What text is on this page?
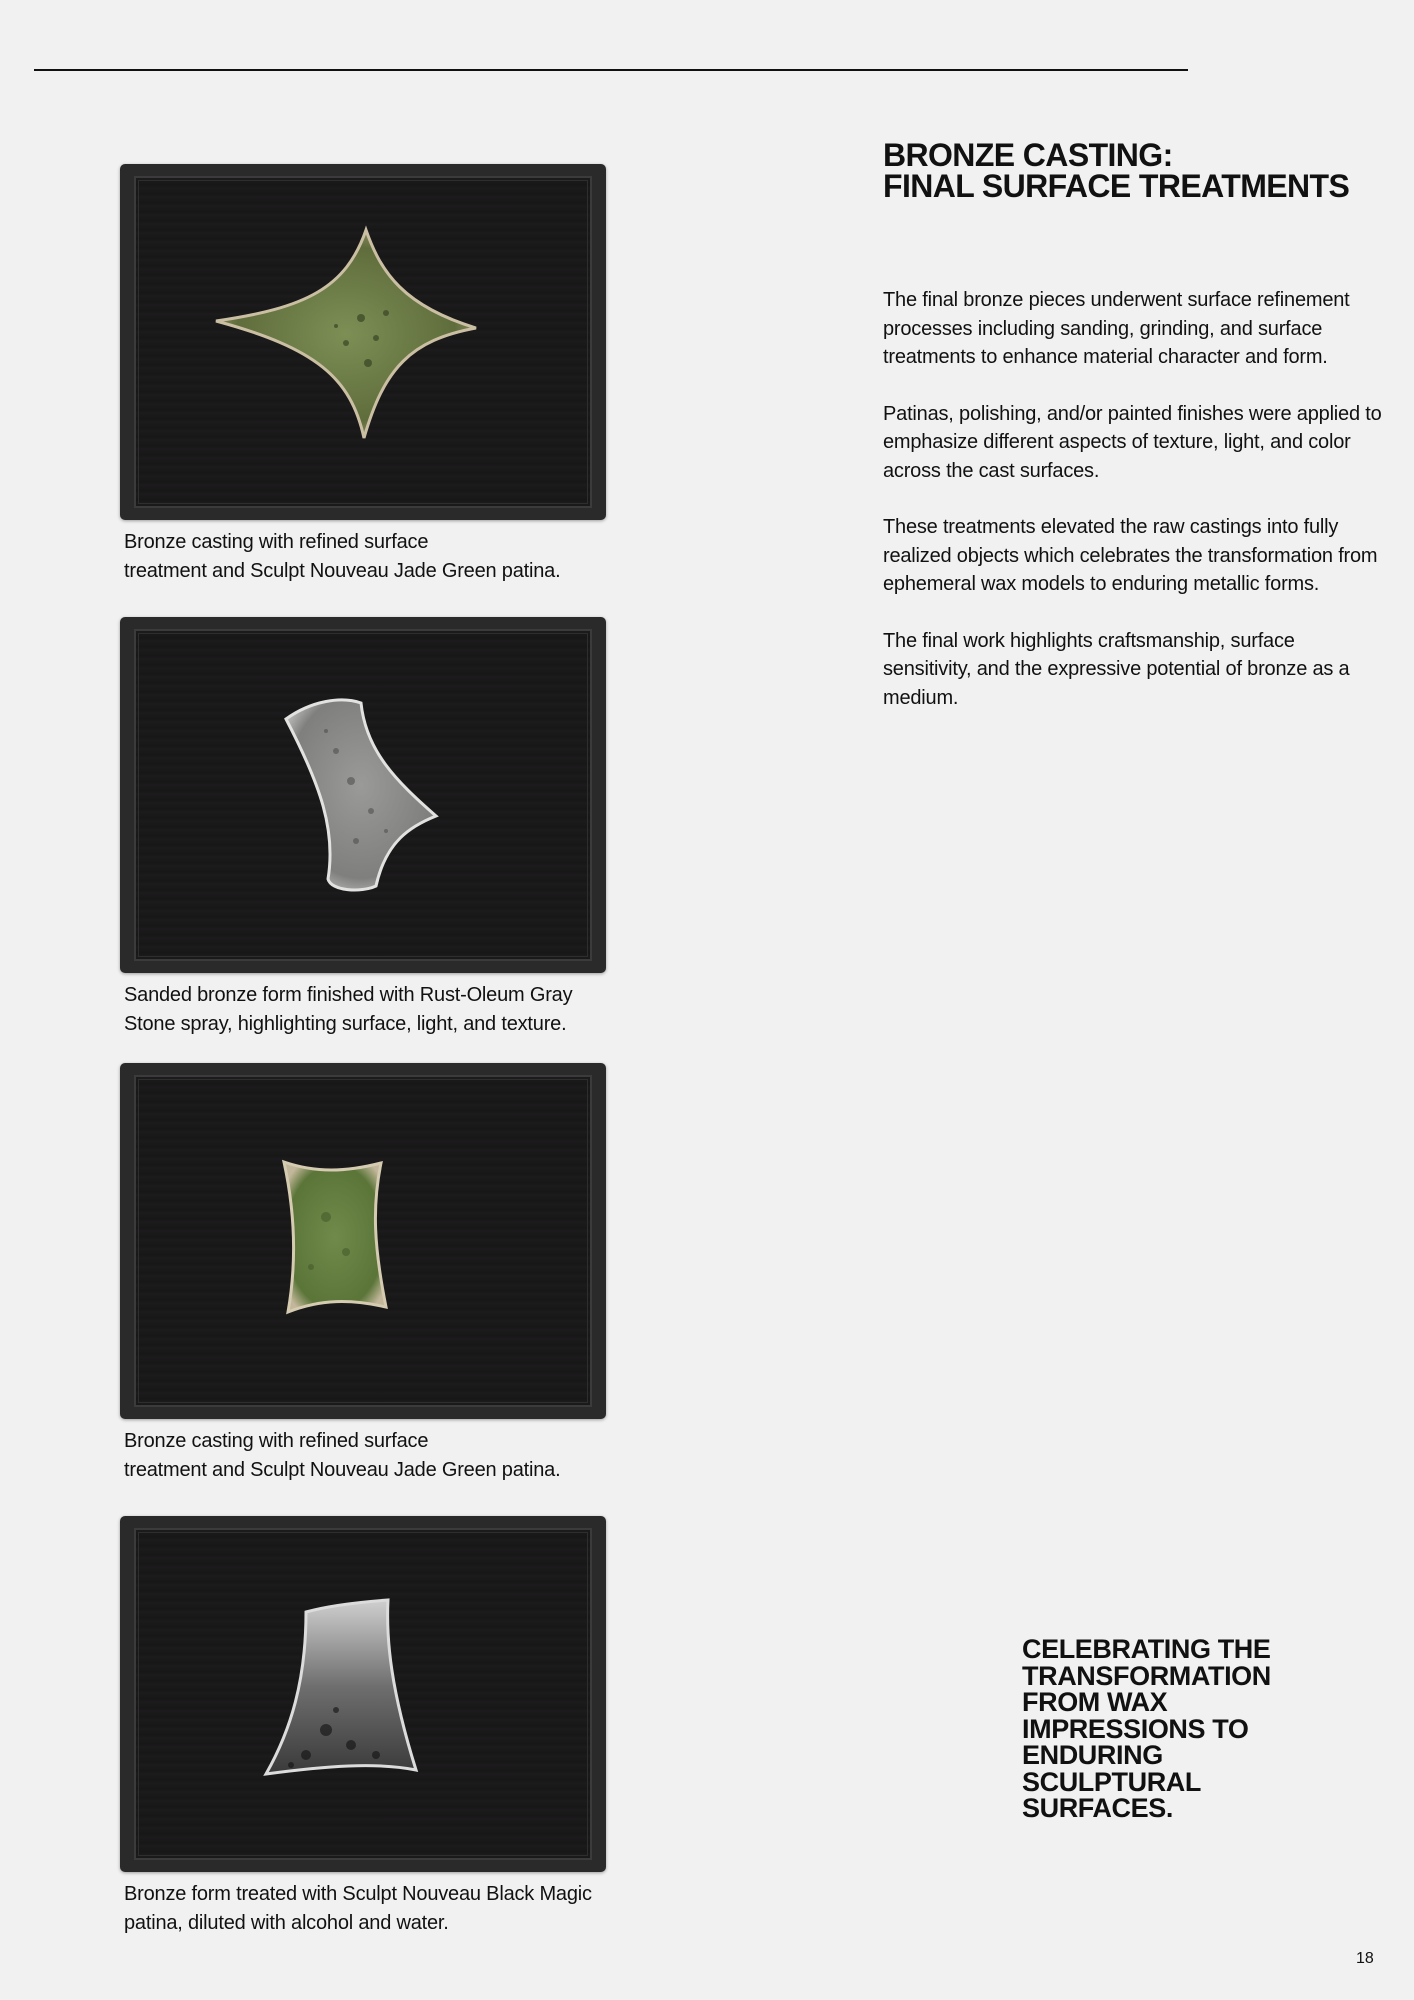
Bronze casting with refined surface
treatment and Sculpt Nouveau Jade Green patina.
Sanded bronze form finished with Rust-Oleum Gray
Stone spray, highlighting surface, light, and texture.
Bronze casting with refined surface
treatment and Sculpt Nouveau Jade Green patina.
Bronze form treated with Sculpt Nouveau Black Magic
patina, diluted with alcohol and water.
BRONZE CASTING:
FINAL SURFACE TREATMENTS

The final bronze pieces underwent surface refinement processes including sanding, grinding, and surface treatments to enhance material character and form.

Patinas, polishing, and/or painted finishes were applied to emphasize different aspects of texture, light, and color across the cast surfaces.

These treatments elevated the raw castings into fully realized objects which celebrates the transformation from ephemeral wax models to enduring metallic forms.

The final work highlights craftsmanship, surface sensitivity, and the expressive potential of bronze as a medium.

CELEBRATING THE
TRANSFORMATION
FROM WAX
IMPRESSIONS TO
ENDURING
SCULPTURAL
SURFACES.
18
